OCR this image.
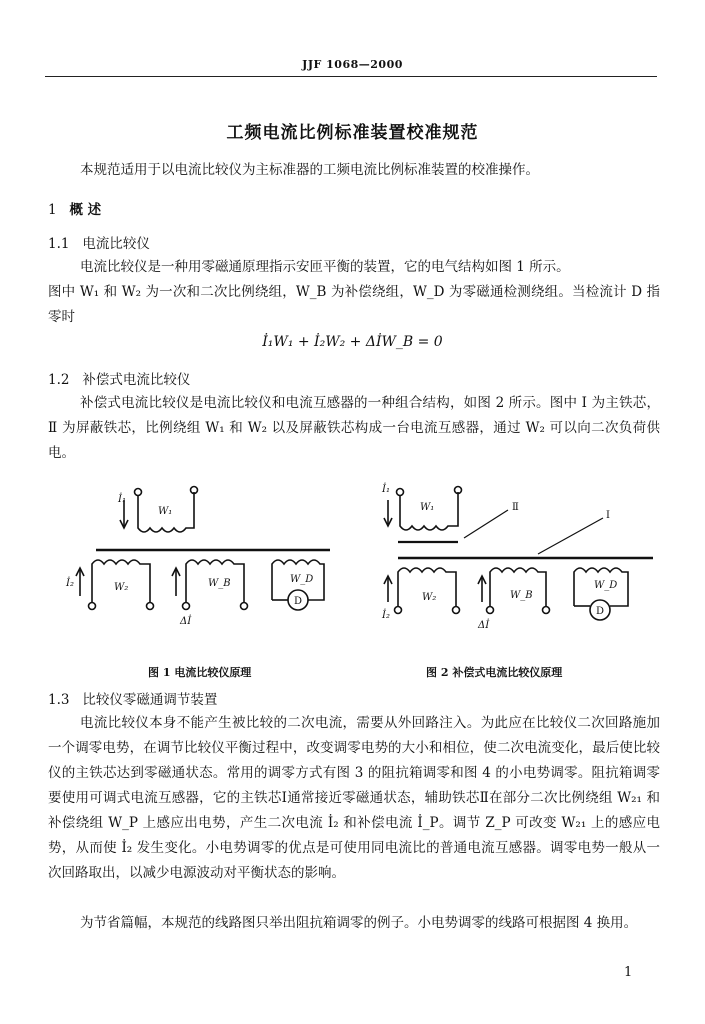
JJF 1068—2000
工频电流比例标准装置校准规范
本规范适用于以电流比较仪为主标准器的工频电流比例标准装置的校准操作。
1 概 述
1.1 电流比较仪
电流比较仪是一种用零磁通原理指示安匝平衡的装置，它的电气结构如图 1 所示。
图中 W₁ 和 W₂ 为一次和二次比例绕组，W_B 为补偿绕组，W_D 为零磁通检测绕组。当检流计 D 指零时
İ₁W₁ + İ₂W₂ + ΔİW_B = 0
1.2 补偿式电流比较仪
补偿式电流比较仪是电流比较仪和电流互感器的一种组合结构，如图 2 所示。图中 Ⅰ 为主铁芯，Ⅱ 为屏蔽铁芯，比例绕组 W₁ 和 W₂ 以及屏蔽铁芯构成一台电流互感器，通过 W₂ 可以向二次负荷供电。
İ₁
W₁
İ₂	W₂
Δİ
W_B	W_D
D
İ₁
W₁	Ⅱ
Ⅰ
W₂
İ₂
W_B
Δİ
W_D
D
图 1 电流比较仪原理	图 2 补偿式电流比较仪原理
1.3 比较仪零磁通调节装置
电流比较仪本身不能产生被比较的二次电流，需要从外回路注入。为此应在比较仪二次回路施加一个调零电势，在调节比较仪平衡过程中，改变调零电势的大小和相位，使二次电流变化，最后使比较仪的主铁芯达到零磁通状态。常用的调零方式有图 3 的阻抗箱调零和图 4 的小电势调零。阻抗箱调零要使用可调式电流互感器，它的主铁芯Ⅰ通常接近零磁通状态，辅助铁芯Ⅱ在部分二次比例绕组 W₂₁ 和补偿绕组 W_P 上感应出电势，产生二次电流 İ₂ 和补偿电流 İ_P。调节 Z_P 可改变 W₂₁ 上的感应电势，从而使 İ₂ 发生变化。小电势调零的优点是可使用同电流比的普通电流互感器。调零电势一般从一次回路取出，以减少电源波动对平衡状态的影响。
为节省篇幅，本规范的线路图只举出阻抗箱调零的例子。小电势调零的线路可根据图 4 换用。
1
